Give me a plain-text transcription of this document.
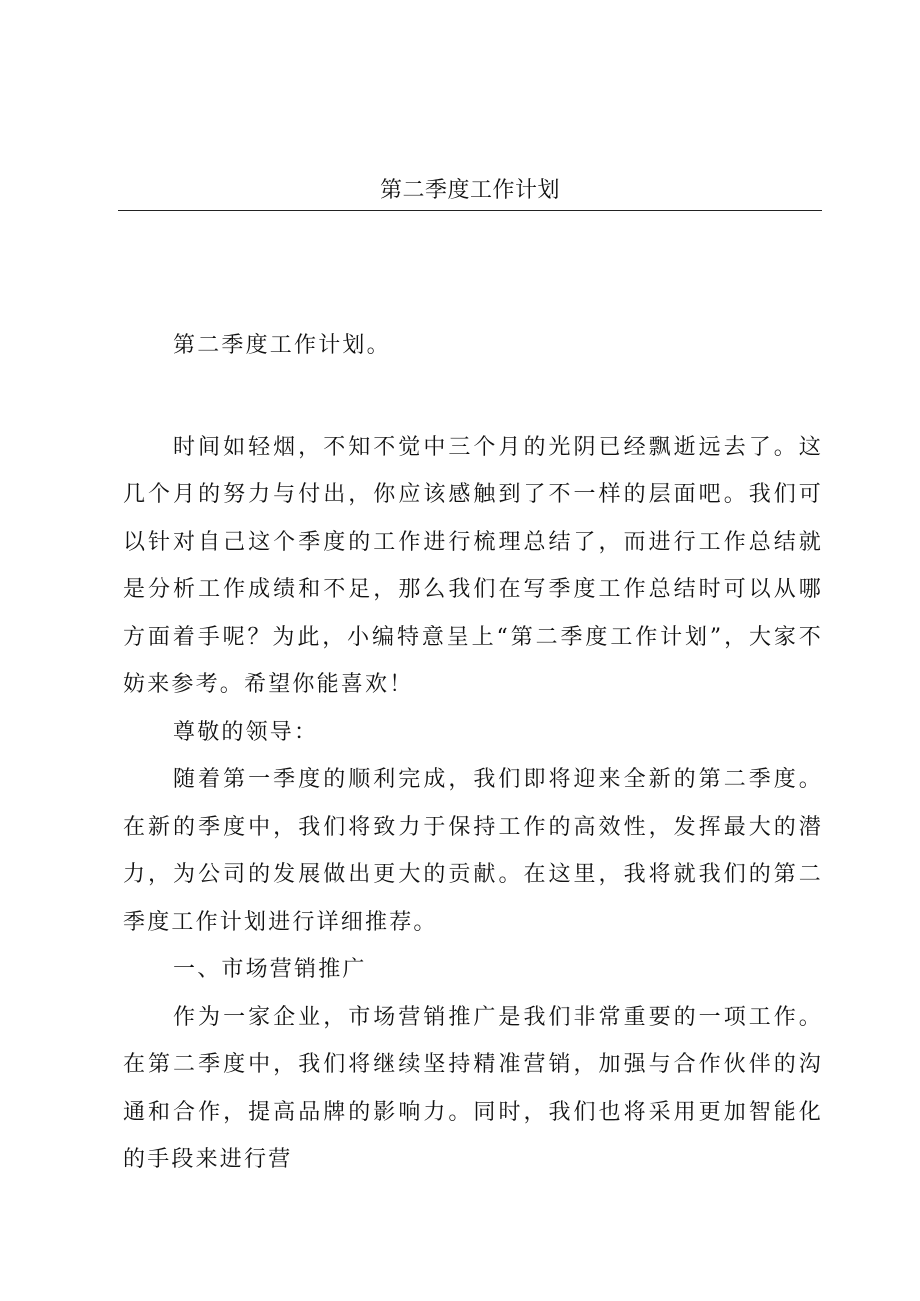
第二季度工作计划

第二季度工作计划。

时间如轻烟，不知不觉中三个月的光阴已经飘逝远去了。这几个月的努力与付出，你应该感触到了不一样的层面吧。我们可以针对自己这个季度的工作进行梳理总结了，而进行工作总结就是分析工作成绩和不足，那么我们在写季度工作总结时可以从哪方面着手呢？为此，小编特意呈上“第二季度工作计划”，大家不妨来参考。希望你能喜欢！

尊敬的领导：

随着第一季度的顺利完成，我们即将迎来全新的第二季度。在新的季度中，我们将致力于保持工作的高效性，发挥最大的潜力，为公司的发展做出更大的贡献。在这里，我将就我们的第二季度工作计划进行详细推荐。

一、市场营销推广

作为一家企业，市场营销推广是我们非常重要的一项工作。在第二季度中，我们将继续坚持精准营销，加强与合作伙伴的沟通和合作，提高品牌的影响力。同时，我们也将采用更加智能化的手段来进行营
